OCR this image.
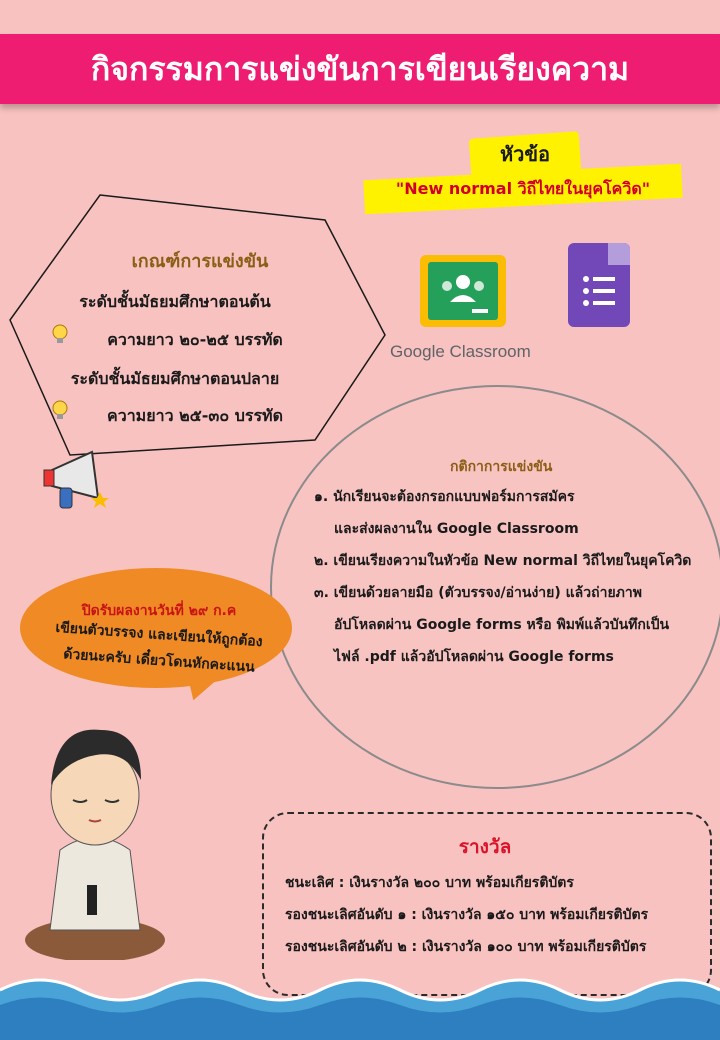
กิจกรรมการแข่งขันการเขียนเรียงความ
หัวข้อ
"New normal วิถีไทยในยุคโควิด"
Google Classroom
เกณฑ์การแข่งขัน
ระดับชั้นมัธยมศึกษาตอนต้น
ความยาว ๒๐-๒๕ บรรทัด
ระดับชั้นมัธยมศึกษาตอนปลาย
ความยาว ๒๕-๓๐ บรรทัด
กติกาการแข่งขัน
๑. นักเรียนจะต้องกรอกแบบฟอร์มการสมัคร
และส่งผลงานใน Google Classroom
๒. เขียนเรียงความในหัวข้อ New normal วิถีไทยในยุคโควิด
๓. เขียนด้วยลายมือ (ตัวบรรจง/อ่านง่าย) แล้วถ่ายภาพ
อัปโหลดผ่าน Google forms หรือ พิมพ์แล้วบันทึกเป็น
ไฟล์ .pdf แล้วอัปโหลดผ่าน Google forms
ปิดรับผลงานวันที่ ๒๙ ก.ค
เขียนตัวบรรจง และเขียนให้ถูกต้อง
ด้วยนะครับ เดี๋ยวโดนหักคะแนน
รางวัล
ชนะเลิศ : เงินรางวัล ๒๐๐ บาท พร้อมเกียรติบัตร
รองชนะเลิศอันดับ ๑ : เงินรางวัล ๑๕๐ บาท พร้อมเกียรติบัตร
รองชนะเลิศอันดับ ๒ : เงินรางวัล ๑๐๐ บาท พร้อมเกียรติบัตร
